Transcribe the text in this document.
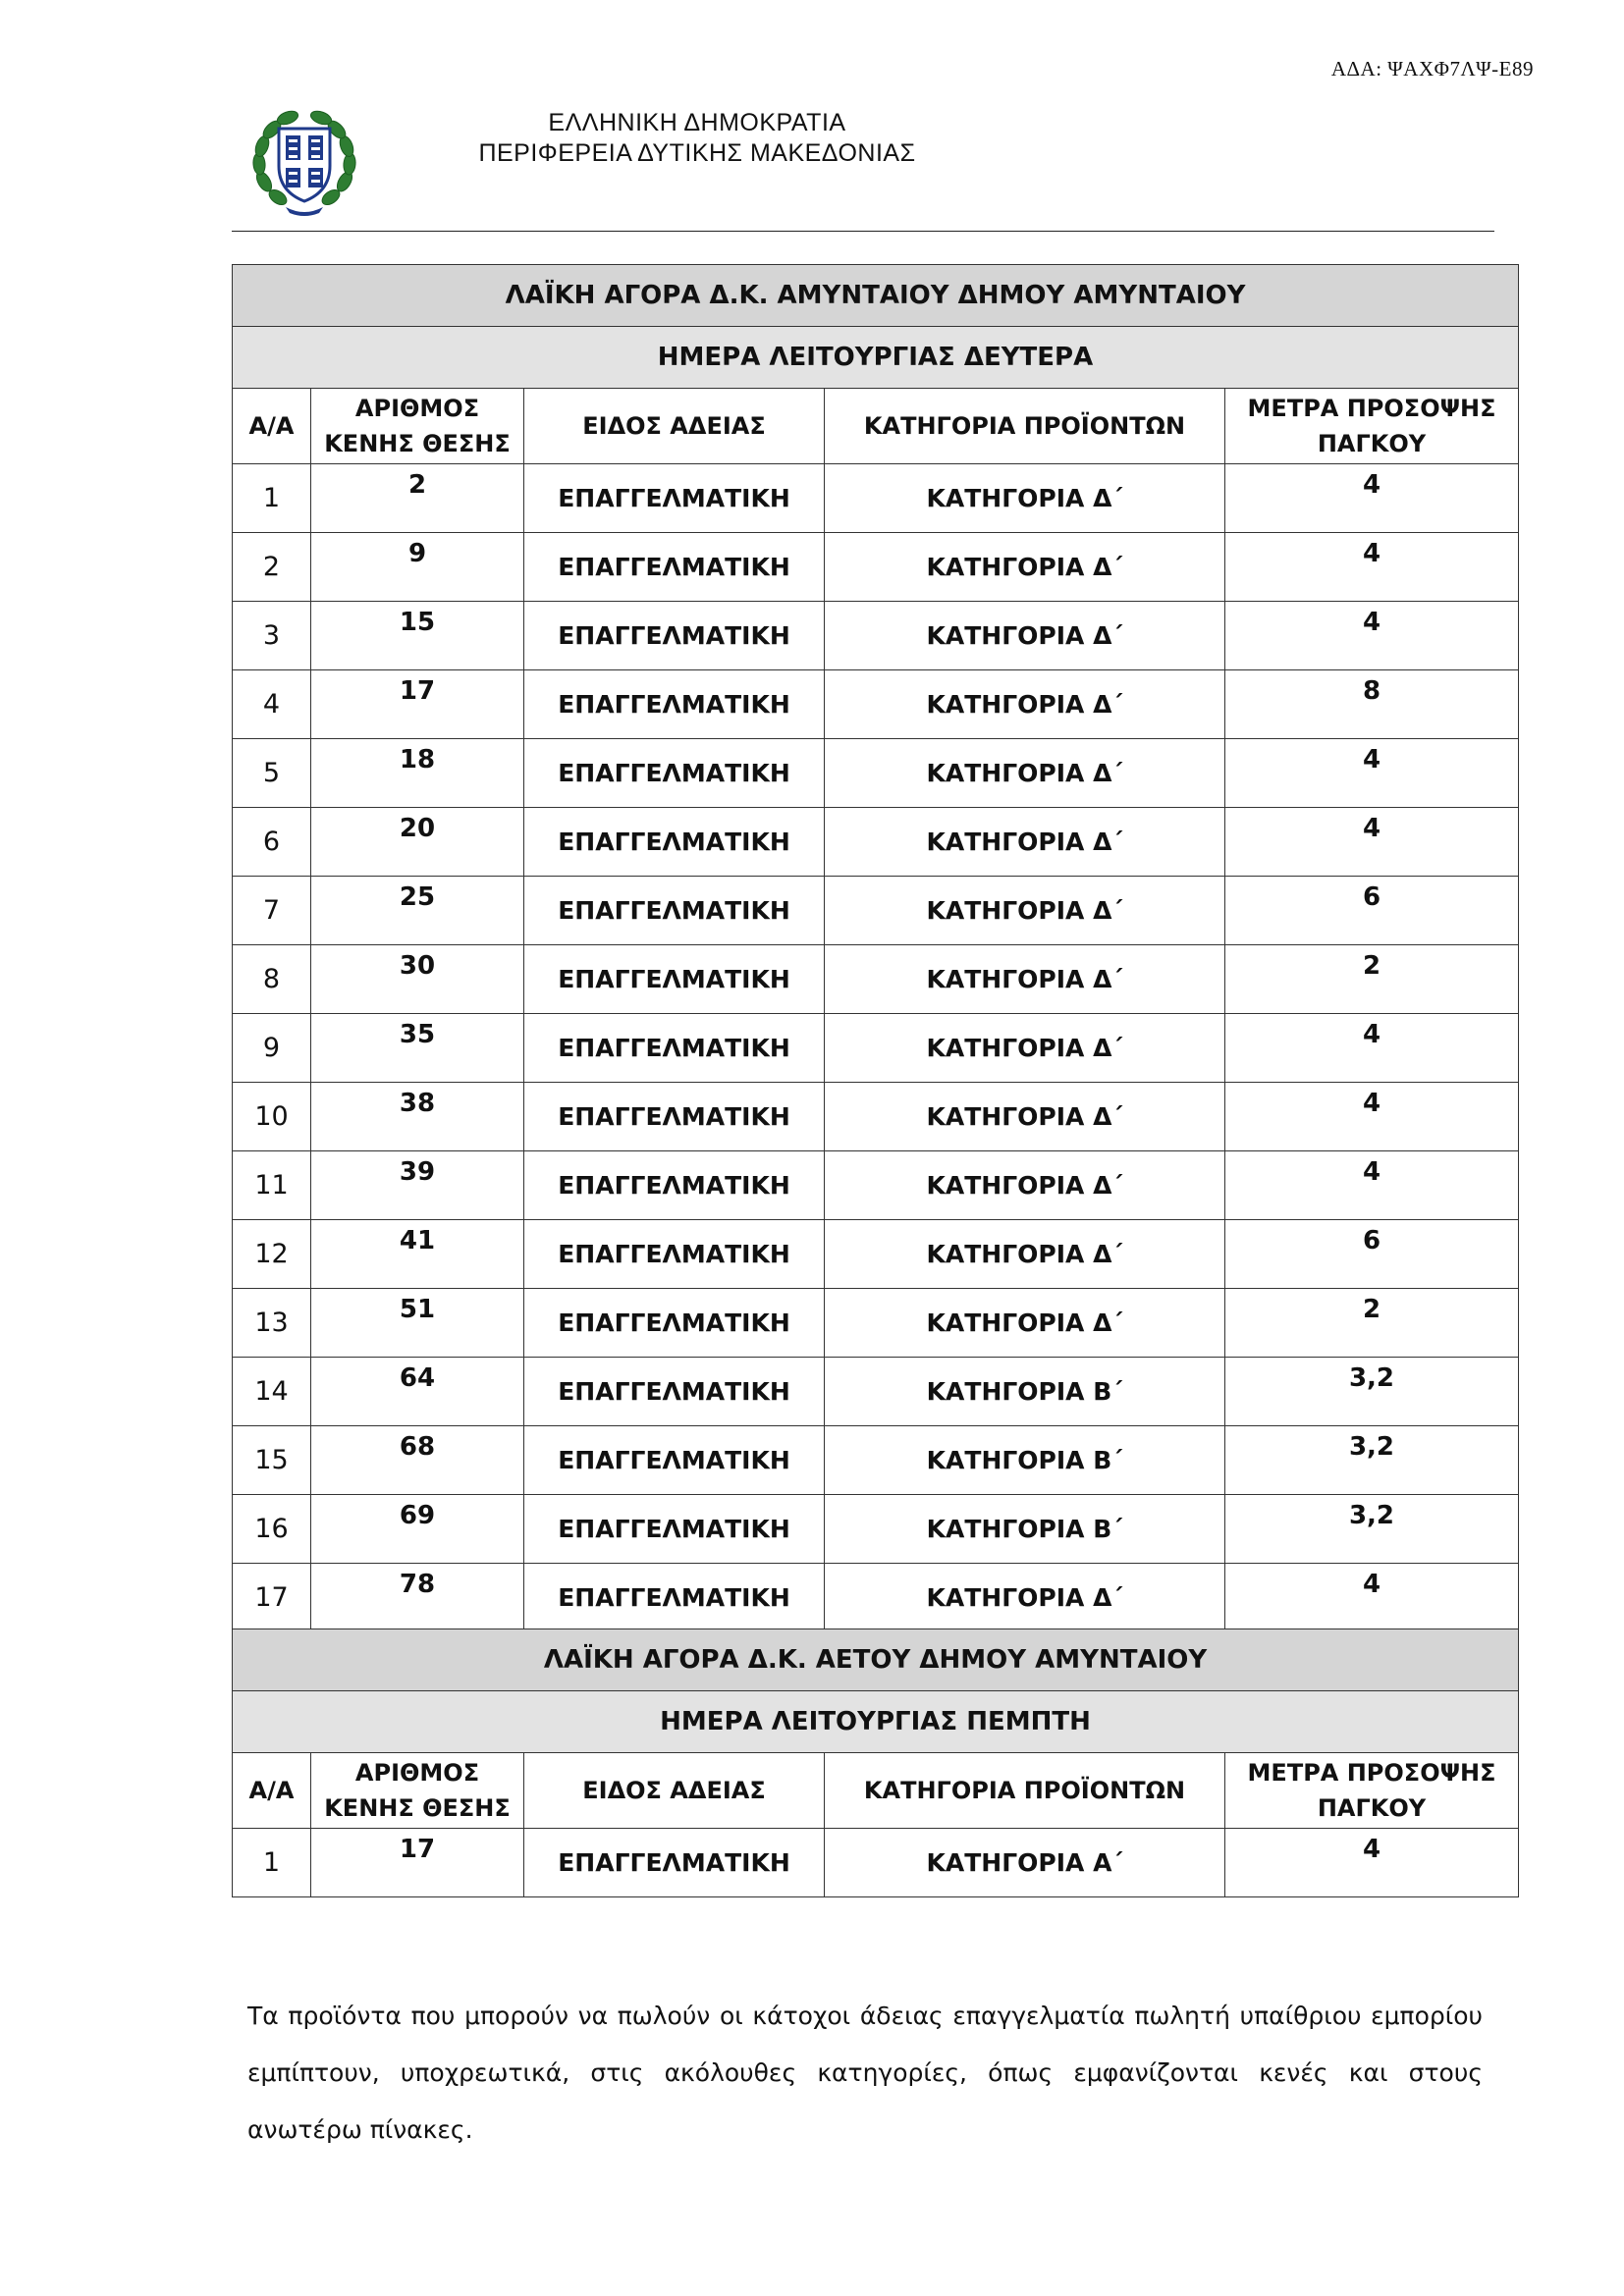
ΑΔΑ: ΨΑΧΦ7ΛΨ-Ε89
ΕΛΛΗΝΙΚΗ ΔΗΜΟΚΡΑΤΙΑ
ΠΕΡΙΦΕΡΕΙΑ ΔΥΤΙΚΗΣ ΜΑΚΕΔΟΝΙΑΣ
ΛΑΪΚΗ ΑΓΟΡΑ Δ.Κ. ΑΜΥΝΤΑΙΟΥ ΔΗΜΟΥ ΑΜΥΝΤΑΙΟΥ				
ΗΜΕΡΑ ΛΕΙΤΟΥΡΓΙΑΣ ΔΕΥΤΕΡΑ				
Α/Α	ΑΡΙΘΜΟΣ ΚΕΝΗΣ ΘΕΣΗΣ	ΕΙΔΟΣ ΑΔΕΙΑΣ	ΚΑΤΗΓΟΡΙΑ ΠΡΟΪΟΝΤΩΝ	ΜΕΤΡΑ ΠΡΟΣΟΨΗΣ ΠΑΓΚΟΥ
1	2	ΕΠΑΓΓΕΛΜΑΤΙΚΗ	ΚΑΤΗΓΟΡΙΑ Δ΄	4
2	9	ΕΠΑΓΓΕΛΜΑΤΙΚΗ	ΚΑΤΗΓΟΡΙΑ Δ΄	4
3	15	ΕΠΑΓΓΕΛΜΑΤΙΚΗ	ΚΑΤΗΓΟΡΙΑ Δ΄	4
4	17	ΕΠΑΓΓΕΛΜΑΤΙΚΗ	ΚΑΤΗΓΟΡΙΑ Δ΄	8
5	18	ΕΠΑΓΓΕΛΜΑΤΙΚΗ	ΚΑΤΗΓΟΡΙΑ Δ΄	4
6	20	ΕΠΑΓΓΕΛΜΑΤΙΚΗ	ΚΑΤΗΓΟΡΙΑ Δ΄	4
7	25	ΕΠΑΓΓΕΛΜΑΤΙΚΗ	ΚΑΤΗΓΟΡΙΑ Δ΄	6
8	30	ΕΠΑΓΓΕΛΜΑΤΙΚΗ	ΚΑΤΗΓΟΡΙΑ Δ΄	2
9	35	ΕΠΑΓΓΕΛΜΑΤΙΚΗ	ΚΑΤΗΓΟΡΙΑ Δ΄	4
10	38	ΕΠΑΓΓΕΛΜΑΤΙΚΗ	ΚΑΤΗΓΟΡΙΑ Δ΄	4
11	39	ΕΠΑΓΓΕΛΜΑΤΙΚΗ	ΚΑΤΗΓΟΡΙΑ Δ΄	4
12	41	ΕΠΑΓΓΕΛΜΑΤΙΚΗ	ΚΑΤΗΓΟΡΙΑ Δ΄	6
13	51	ΕΠΑΓΓΕΛΜΑΤΙΚΗ	ΚΑΤΗΓΟΡΙΑ Δ΄	2
14	64	ΕΠΑΓΓΕΛΜΑΤΙΚΗ	ΚΑΤΗΓΟΡΙΑ Β΄	3,2
15	68	ΕΠΑΓΓΕΛΜΑΤΙΚΗ	ΚΑΤΗΓΟΡΙΑ Β΄	3,2
16	69	ΕΠΑΓΓΕΛΜΑΤΙΚΗ	ΚΑΤΗΓΟΡΙΑ Β΄	3,2
17	78	ΕΠΑΓΓΕΛΜΑΤΙΚΗ	ΚΑΤΗΓΟΡΙΑ Δ΄	4
ΛΑΪΚΗ ΑΓΟΡΑ Δ.Κ. ΑΕΤΟΥ ΔΗΜΟΥ ΑΜΥΝΤΑΙΟΥ				
ΗΜΕΡΑ ΛΕΙΤΟΥΡΓΙΑΣ ΠΕΜΠΤΗ				
Α/Α	ΑΡΙΘΜΟΣ ΚΕΝΗΣ ΘΕΣΗΣ	ΕΙΔΟΣ ΑΔΕΙΑΣ	ΚΑΤΗΓΟΡΙΑ ΠΡΟΪΟΝΤΩΝ	ΜΕΤΡΑ ΠΡΟΣΟΨΗΣ ΠΑΓΚΟΥ
1	17	ΕΠΑΓΓΕΛΜΑΤΙΚΗ	ΚΑΤΗΓΟΡΙΑ Α΄	4

Τα προϊόντα που μπορούν να πωλούν οι κάτοχοι άδειας επαγγελματία πωλητή υπαίθριου εμπορίου εμπίπτουν, υποχρεωτικά, στις ακόλουθες κατηγορίες, όπως εμφανίζονται κενές και στους ανωτέρω πίνακες.
